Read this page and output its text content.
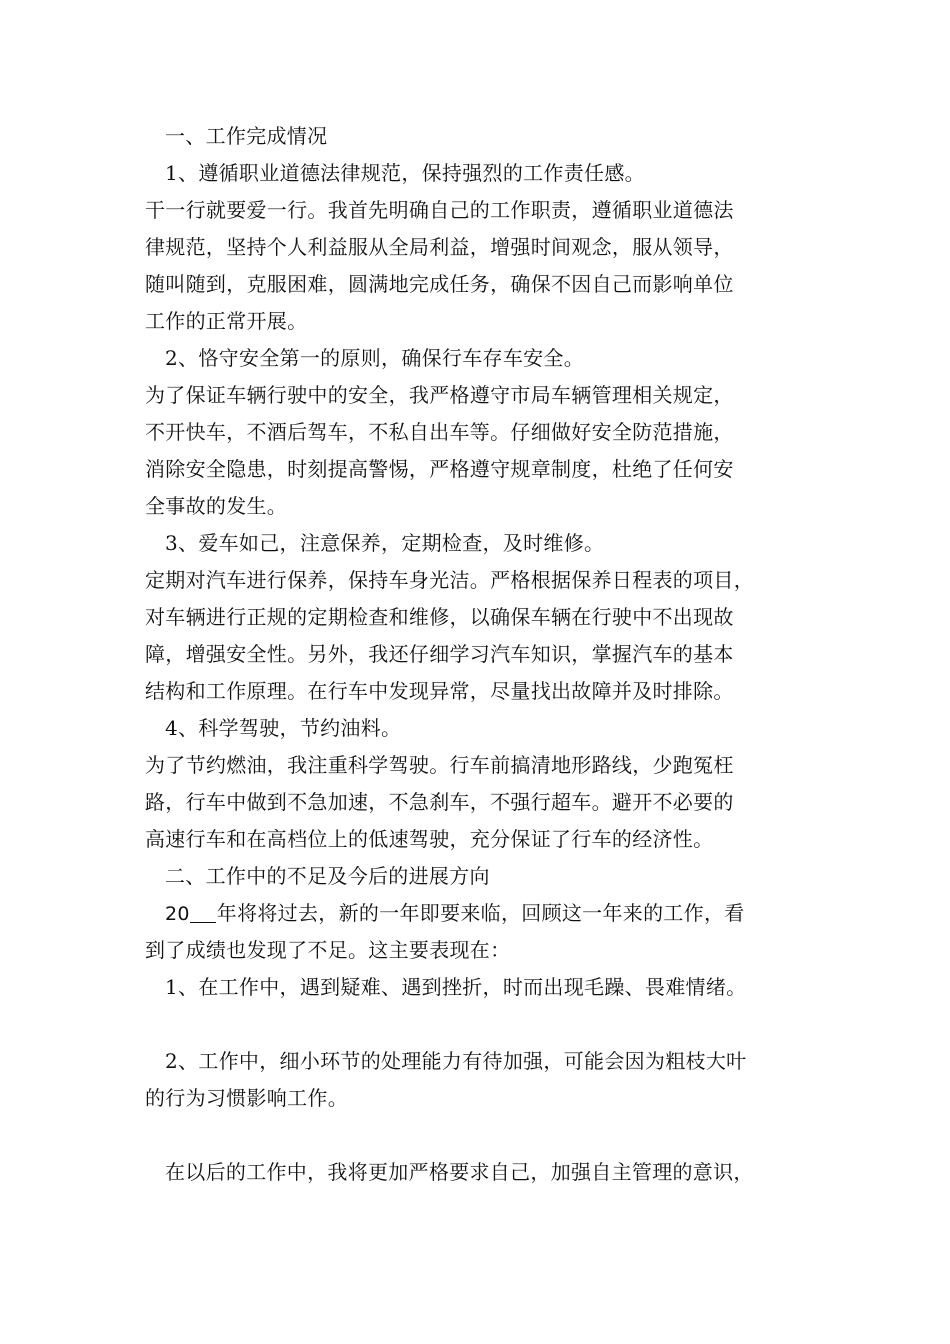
一、工作完成情况
1、遵循职业道德法律规范，保持强烈的工作责任感。
干一行就要爱一行。我首先明确自己的工作职责，遵循职业道德法
律规范，坚持个人利益服从全局利益，增强时间观念，服从领导，
随叫随到，克服困难，圆满地完成任务，确保不因自己而影响单位
工作的正常开展。
2、恪守安全第一的原则，确保行车存车安全。
为了保证车辆行驶中的安全，我严格遵守市局车辆管理相关规定，
不开快车，不酒后驾车，不私自出车等。仔细做好安全防范措施，
消除安全隐患，时刻提高警惕，严格遵守规章制度，杜绝了任何安
全事故的发生。
3、爱车如己，注意保养，定期检查，及时维修。
定期对汽车进行保养，保持车身光洁。严格根据保养日程表的项目，
对车辆进行正规的定期检查和维修，以确保车辆在行驶中不出现故
障，增强安全性。另外，我还仔细学习汽车知识，掌握汽车的基本
结构和工作原理。在行车中发现异常，尽量找出故障并及时排除。
4、科学驾驶，节约油料。
为了节约燃油，我注重科学驾驶。行车前搞清地形路线，少跑冤枉
路，行车中做到不急加速，不急刹车，不强行超车。避开不必要的
高速行车和在高档位上的低速驾驶，充分保证了行车的经济性。
二、工作中的不足及今后的进展方向
20 年将将过去，新的一年即要来临，回顾这一年来的工作，看
到了成绩也发现了不足。这主要表现在：
1、在工作中，遇到疑难、遇到挫折，时而出现毛躁、畏难情绪。
2、工作中，细小环节的处理能力有待加强，可能会因为粗枝大叶
的行为习惯影响工作。
在以后的工作中，我将更加严格要求自己，加强自主管理的意识，
